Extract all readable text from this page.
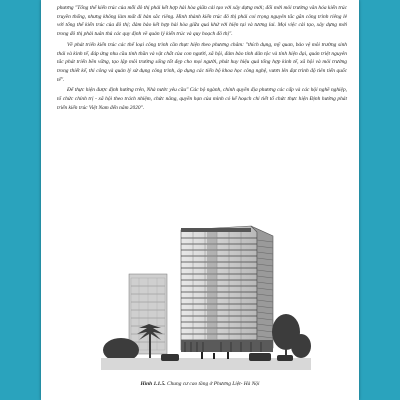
phương "Tổng thể kiến trúc của mỗi đô thị phải kết hợp hài hòa giữa cải tạo với xây dựng mới; đổi mới môi trường văn hóa kiến trúc truyền thống, nhưng không làm mất đi bản sắc riêng. Hình thành kiến trúc đô thị phải coi trọng nguyên tắc gắn công trình riêng lẻ với tổng thể kiến trúc của đô thị; đảm bảo kết hợp hài hòa giữa quá khứ với hiện tại và tương lai. Mọi việc cải tạo, xây dựng mới trong đô thị phải tuân thủ các quy định về quản lý kiến trúc và quy hoạch đô thị".

Về phát triển kiến trúc các thể loại công trình cần thực hiện theo phương châm: "thích dụng, mỹ quan, bảo vệ môi trường sinh thái và kinh tế, đáp ứng nhu cầu tinh thần và vật chất của con người, xã hội, đảm bảo tính dân tộc và tính hiện đại, quán triệt nguyên tắc phát triển bền vững, tạo lập môi trường sống tốt đẹp cho mọi người, phát huy hiệu quả tổng hợp kinh tế, xã hội và môi trường trong thiết kế, thi công và quản lý sử dụng công trình, áp dụng các tiến bộ khoa học công nghệ, vươn lên đạt trình độ tiên tiến quốc tế".

Để thực hiện được định hướng trên, Nhà nước yêu cầu" Các bộ ngành, chính quyền địa phương các cấp và các hội nghề nghiệp, tổ chức chính trị - xã hội theo trách nhiệm, chức năng, quyền hạn của mình có kế hoạch chi tiết tổ chức thực hiện Định hướng phát triển kiến trúc Việt Nam đến năm 2020".

Hình 1.1.5. Chung cư cao tầng ở Phương Liệt- Hà Nội
